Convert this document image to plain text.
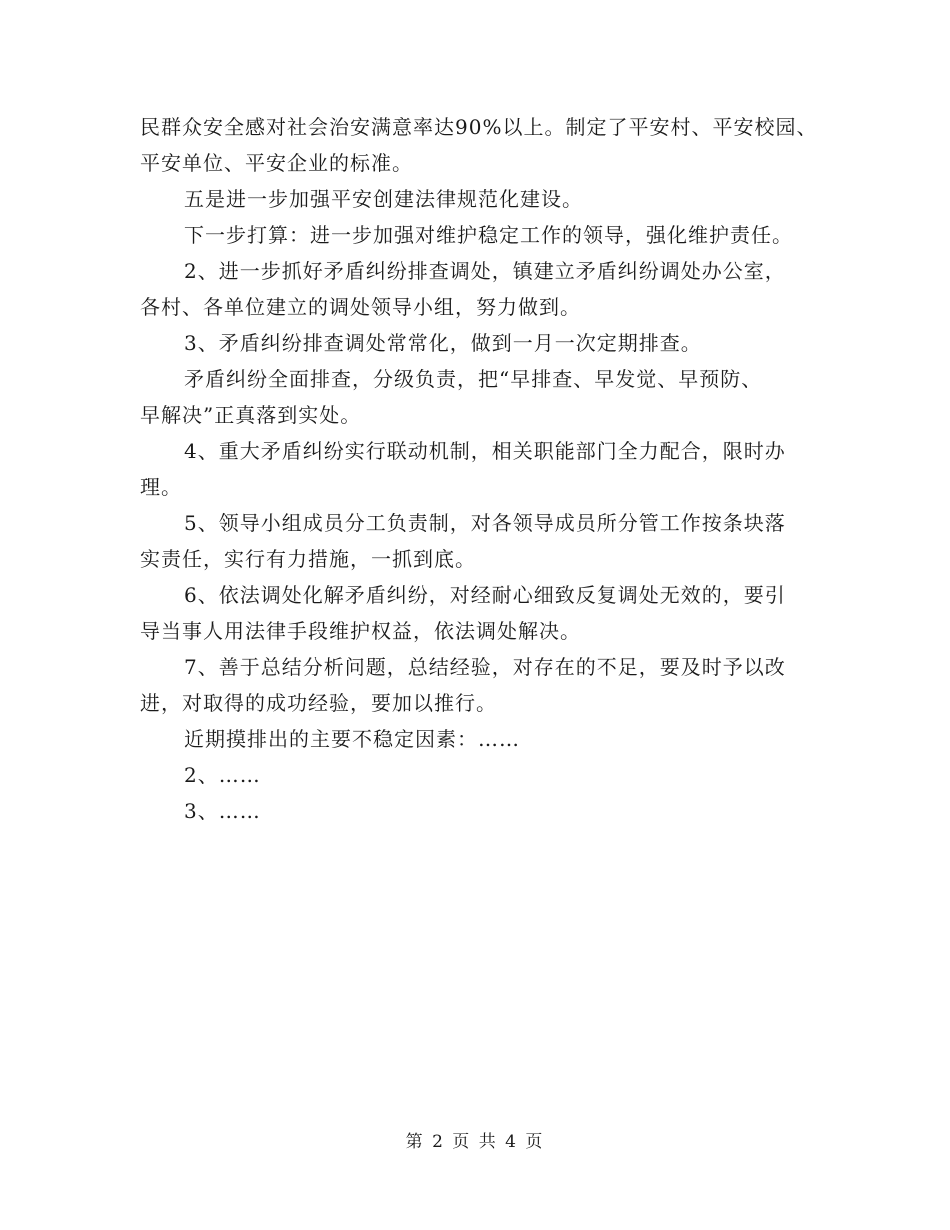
民群众安全感对社会治安满意率达90%以上。制定了平安村、平安校园、
平安单位、平安企业的标准。
五是进一步加强平安创建法律规范化建设。
下一步打算：进一步加强对维护稳定工作的领导，强化维护责任。
2、进一步抓好矛盾纠纷排查调处，镇建立矛盾纠纷调处办公室，
各村、各单位建立的调处领导小组，努力做到。
3、矛盾纠纷排查调处常常化，做到一月一次定期排查。
矛盾纠纷全面排查，分级负责，把“早排查、早发觉、早预防、
早解决”正真落到实处。
4、重大矛盾纠纷实行联动机制，相关职能部门全力配合，限时办
理。
5、领导小组成员分工负责制，对各领导成员所分管工作按条块落
实责任，实行有力措施，一抓到底。
6、依法调处化解矛盾纠纷，对经耐心细致反复调处无效的，要引
导当事人用法律手段维护权益，依法调处解决。
7、善于总结分析问题，总结经验，对存在的不足，要及时予以改
进，对取得的成功经验，要加以推行。
近期摸排出的主要不稳定因素：……
2、……
3、……

第 2 页 共 4 页
